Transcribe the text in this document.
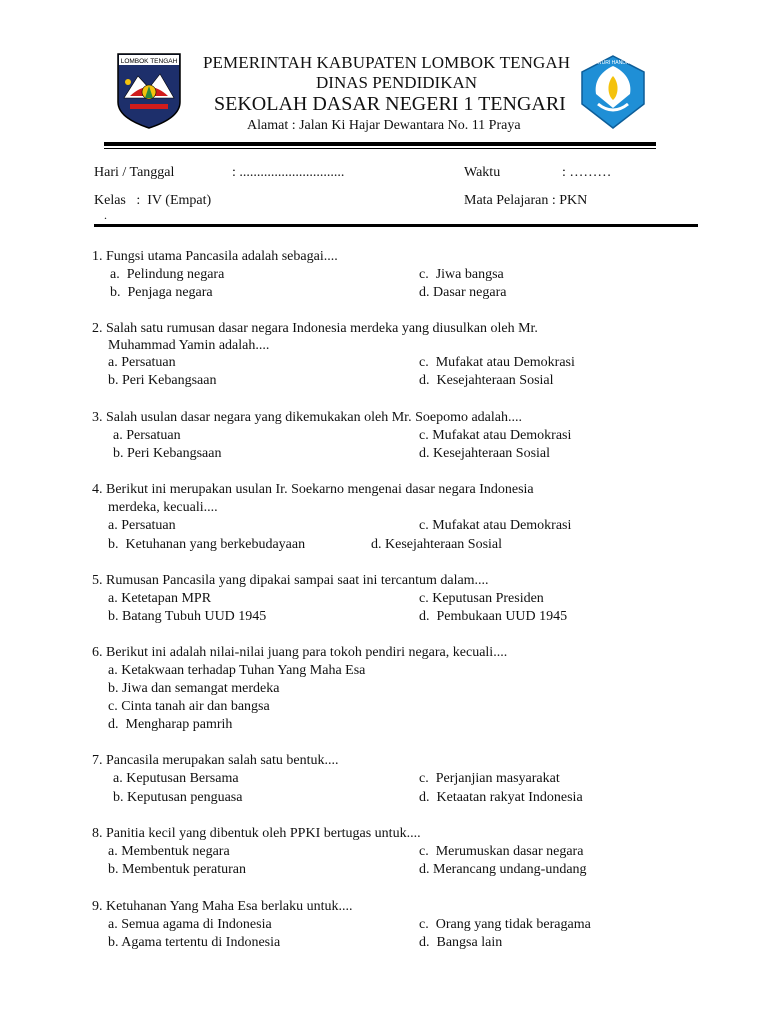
LOMBOK TENGAH	TUT WURI HANDAYANI
PEMERINTAH KABUPATEN LOMBOK TENGAH
DINAS PENDIDIKAN
SEKOLAH DASAR NEGERI 1 TENGARI
Alamat : Jalan Ki Hajar Dewantara No. 11 Praya
Hari / Tanggal	: ..............................	Waktu	: ………
Kelas   :  IV (Empat)	Mata Pelajaran : PKN
.
1. Fungsi utama Pancasila adalah sebagai....
a.  Pelindung negara
b.  Penjaga negara
c.  Jiwa bangsa
d. Dasar negara
2. Salah satu rumusan dasar negara Indonesia merdeka yang diusulkan oleh Mr.
Muhammad Yamin adalah....
a. Persatuan
b. Peri Kebangsaan
c.  Mufakat atau Demokrasi
d.  Kesejahteraan Sosial
3. Salah usulan dasar negara yang dikemukakan oleh Mr. Soepomo adalah....
a. Persatuan
b. Peri Kebangsaan
c. Mufakat atau Demokrasi
d. Kesejahteraan Sosial
4. Berikut ini merupakan usulan Ir. Soekarno mengenai dasar negara Indonesia
merdeka, kecuali....
a. Persatuan
b.  Ketuhanan yang berkebudayaan
c. Mufakat atau Demokrasi
d. Kesejahteraan Sosial
5. Rumusan Pancasila yang dipakai sampai saat ini tercantum dalam....
a. Ketetapan MPR
b. Batang Tubuh UUD 1945
c. Keputusan Presiden
d.  Pembukaan UUD 1945
6. Berikut ini adalah nilai-nilai juang para tokoh pendiri negara, kecuali....
a. Ketakwaan terhadap Tuhan Yang Maha Esa
b. Jiwa dan semangat merdeka
c. Cinta tanah air dan bangsa
d.  Mengharap pamrih
7. Pancasila merupakan salah satu bentuk....
a. Keputusan Bersama
b. Keputusan penguasa
c.  Perjanjian masyarakat
d.  Ketaatan rakyat Indonesia
8. Panitia kecil yang dibentuk oleh PPKI bertugas untuk....
a. Membentuk negara
b. Membentuk peraturan
c.  Merumuskan dasar negara
d. Merancang undang-undang
9. Ketuhanan Yang Maha Esa berlaku untuk....
a. Semua agama di Indonesia
b. Agama tertentu di Indonesia
c.  Orang yang tidak beragama
d.  Bangsa lain
